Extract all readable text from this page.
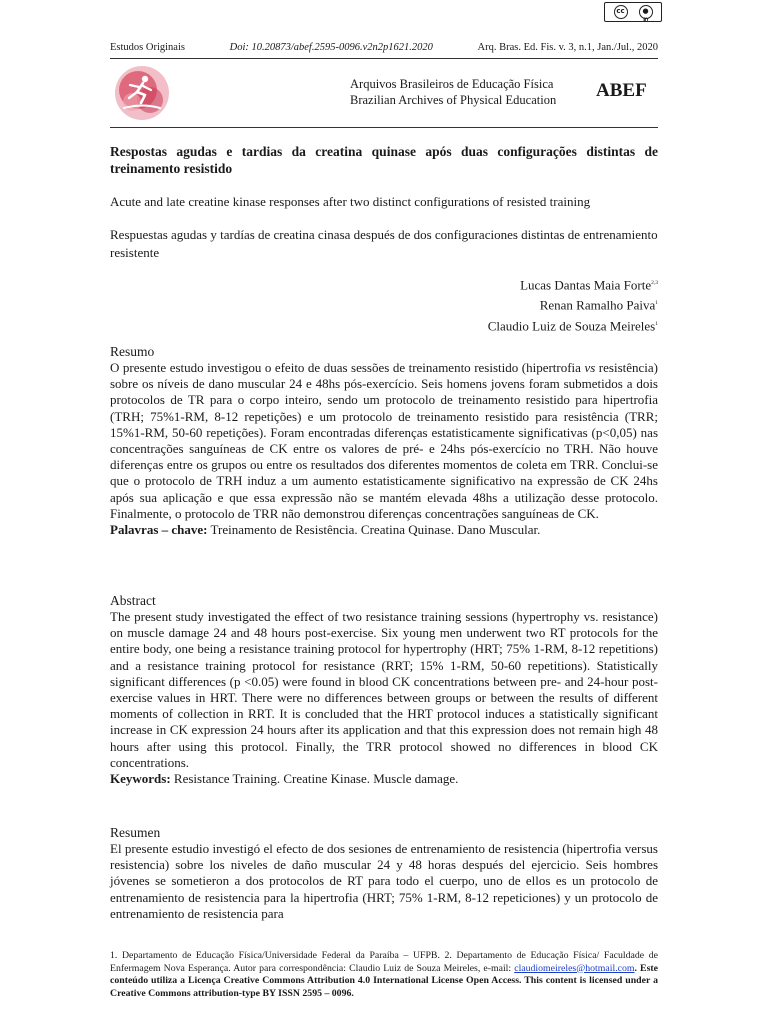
cc	●
BY
Estudos Originais	Doi: 10.20873/abef.2595-0096.v2n2p1621.2020	Arq. Bras. Ed. Fis. v. 3, n.1, Jan./Jul., 2020
Arquivos Brasileiros de Educação Física
Brazilian Archives of Physical Education ABEF
Respostas agudas e tardias da creatina quinase após duas configurações distintas de treinamento resistido
Acute and late creatine kinase responses after two distinct configurations of resisted training
Respuestas agudas y tardías de creatina cinasa después de dos configuraciones distintas de entrenamiento resistente
Lucas Dantas Maia Forte$^{2,3}$
Renan Ramalho Paiva$^1$
Claudio Luiz de Souza Meireles$^1$
Resumo

O presente estudo investigou o efeito de duas sessões de treinamento resistido (hipertrofia vs resistência) sobre os níveis de dano muscular 24 e 48hs pós-exercício. Seis homens jovens foram submetidos a dois protocolos de TR para o corpo inteiro, sendo um protocolo de treinamento resistido para hipertrofia (TRH; 75%1-RM, 8-12 repetições) e um protocolo de treinamento resistido para resistência (TRR; 15%1-RM, 50-60 repetições). Foram encontradas diferenças estatisticamente significativas (p<0,05) nas concentrações sanguíneas de CK entre os valores de pré- e 24hs pós-exercício no TRH. Não houve diferenças entre os grupos ou entre os resultados dos diferentes momentos de coleta em TRR. Conclui-se que o protocolo de TRH induz a um aumento estatisticamente significativo na expressão de CK 24hs após sua aplicação e que essa expressão não se mantém elevada 48hs a utilização desse protocolo. Finalmente, o protocolo de TRR não demonstrou diferenças concentrações sanguíneas de CK.

Palavras – chave: Treinamento de Resistência. Creatina Quinase. Dano Muscular.

Abstract

The present study investigated the effect of two resistance training sessions (hypertrophy vs. resistance) on muscle damage 24 and 48 hours post-exercise. Six young men underwent two RT protocols for the entire body, one being a resistance training protocol for hypertrophy (HRT; 75% 1-RM, 8-12 repetitions) and a resistance training protocol for resistance (RRT; 15% 1-RM, 50-60 repetitions). Statistically significant differences (p <0.05) were found in blood CK concentrations between pre- and 24-hour post-exercise values in HRT. There were no differences between groups or between the results of different moments of collection in RRT. It is concluded that the HRT protocol induces a statistically significant increase in CK expression 24 hours after its application and that this expression does not remain high 48 hours after using this protocol. Finally, the TRR protocol showed no differences in blood CK concentrations.

Keywords: Resistance Training. Creatine Kinase. Muscle damage.

Resumen

El presente estudio investigó el efecto de dos sesiones de entrenamiento de resistencia (hipertrofia versus resistencia) sobre los niveles de daño muscular 24 y 48 horas después del ejercicio. Seis hombres jóvenes se sometieron a dos protocolos de RT para todo el cuerpo, uno de ellos es un protocolo de entrenamiento de resistencia para la hipertrofia (HRT; 75% 1-RM, 8-12 repeticiones) y un protocolo de entrenamiento de resistencia para

1. Departamento de Educação Física/Universidade Federal da Paraíba – UFPB. 2. Departamento de Educação Física/ Faculdade de Enfermagem Nova Esperança. Autor para correspondência: Claudio Luiz de Souza Meireles, e-mail: claudiomeireles@hotmail.com. Este conteúdo utiliza a Licença Creative Commons Attribution 4.0 International License Open Access. This content is licensed under a Creative Commons attribution-type BY ISSN 2595 – 0096.
